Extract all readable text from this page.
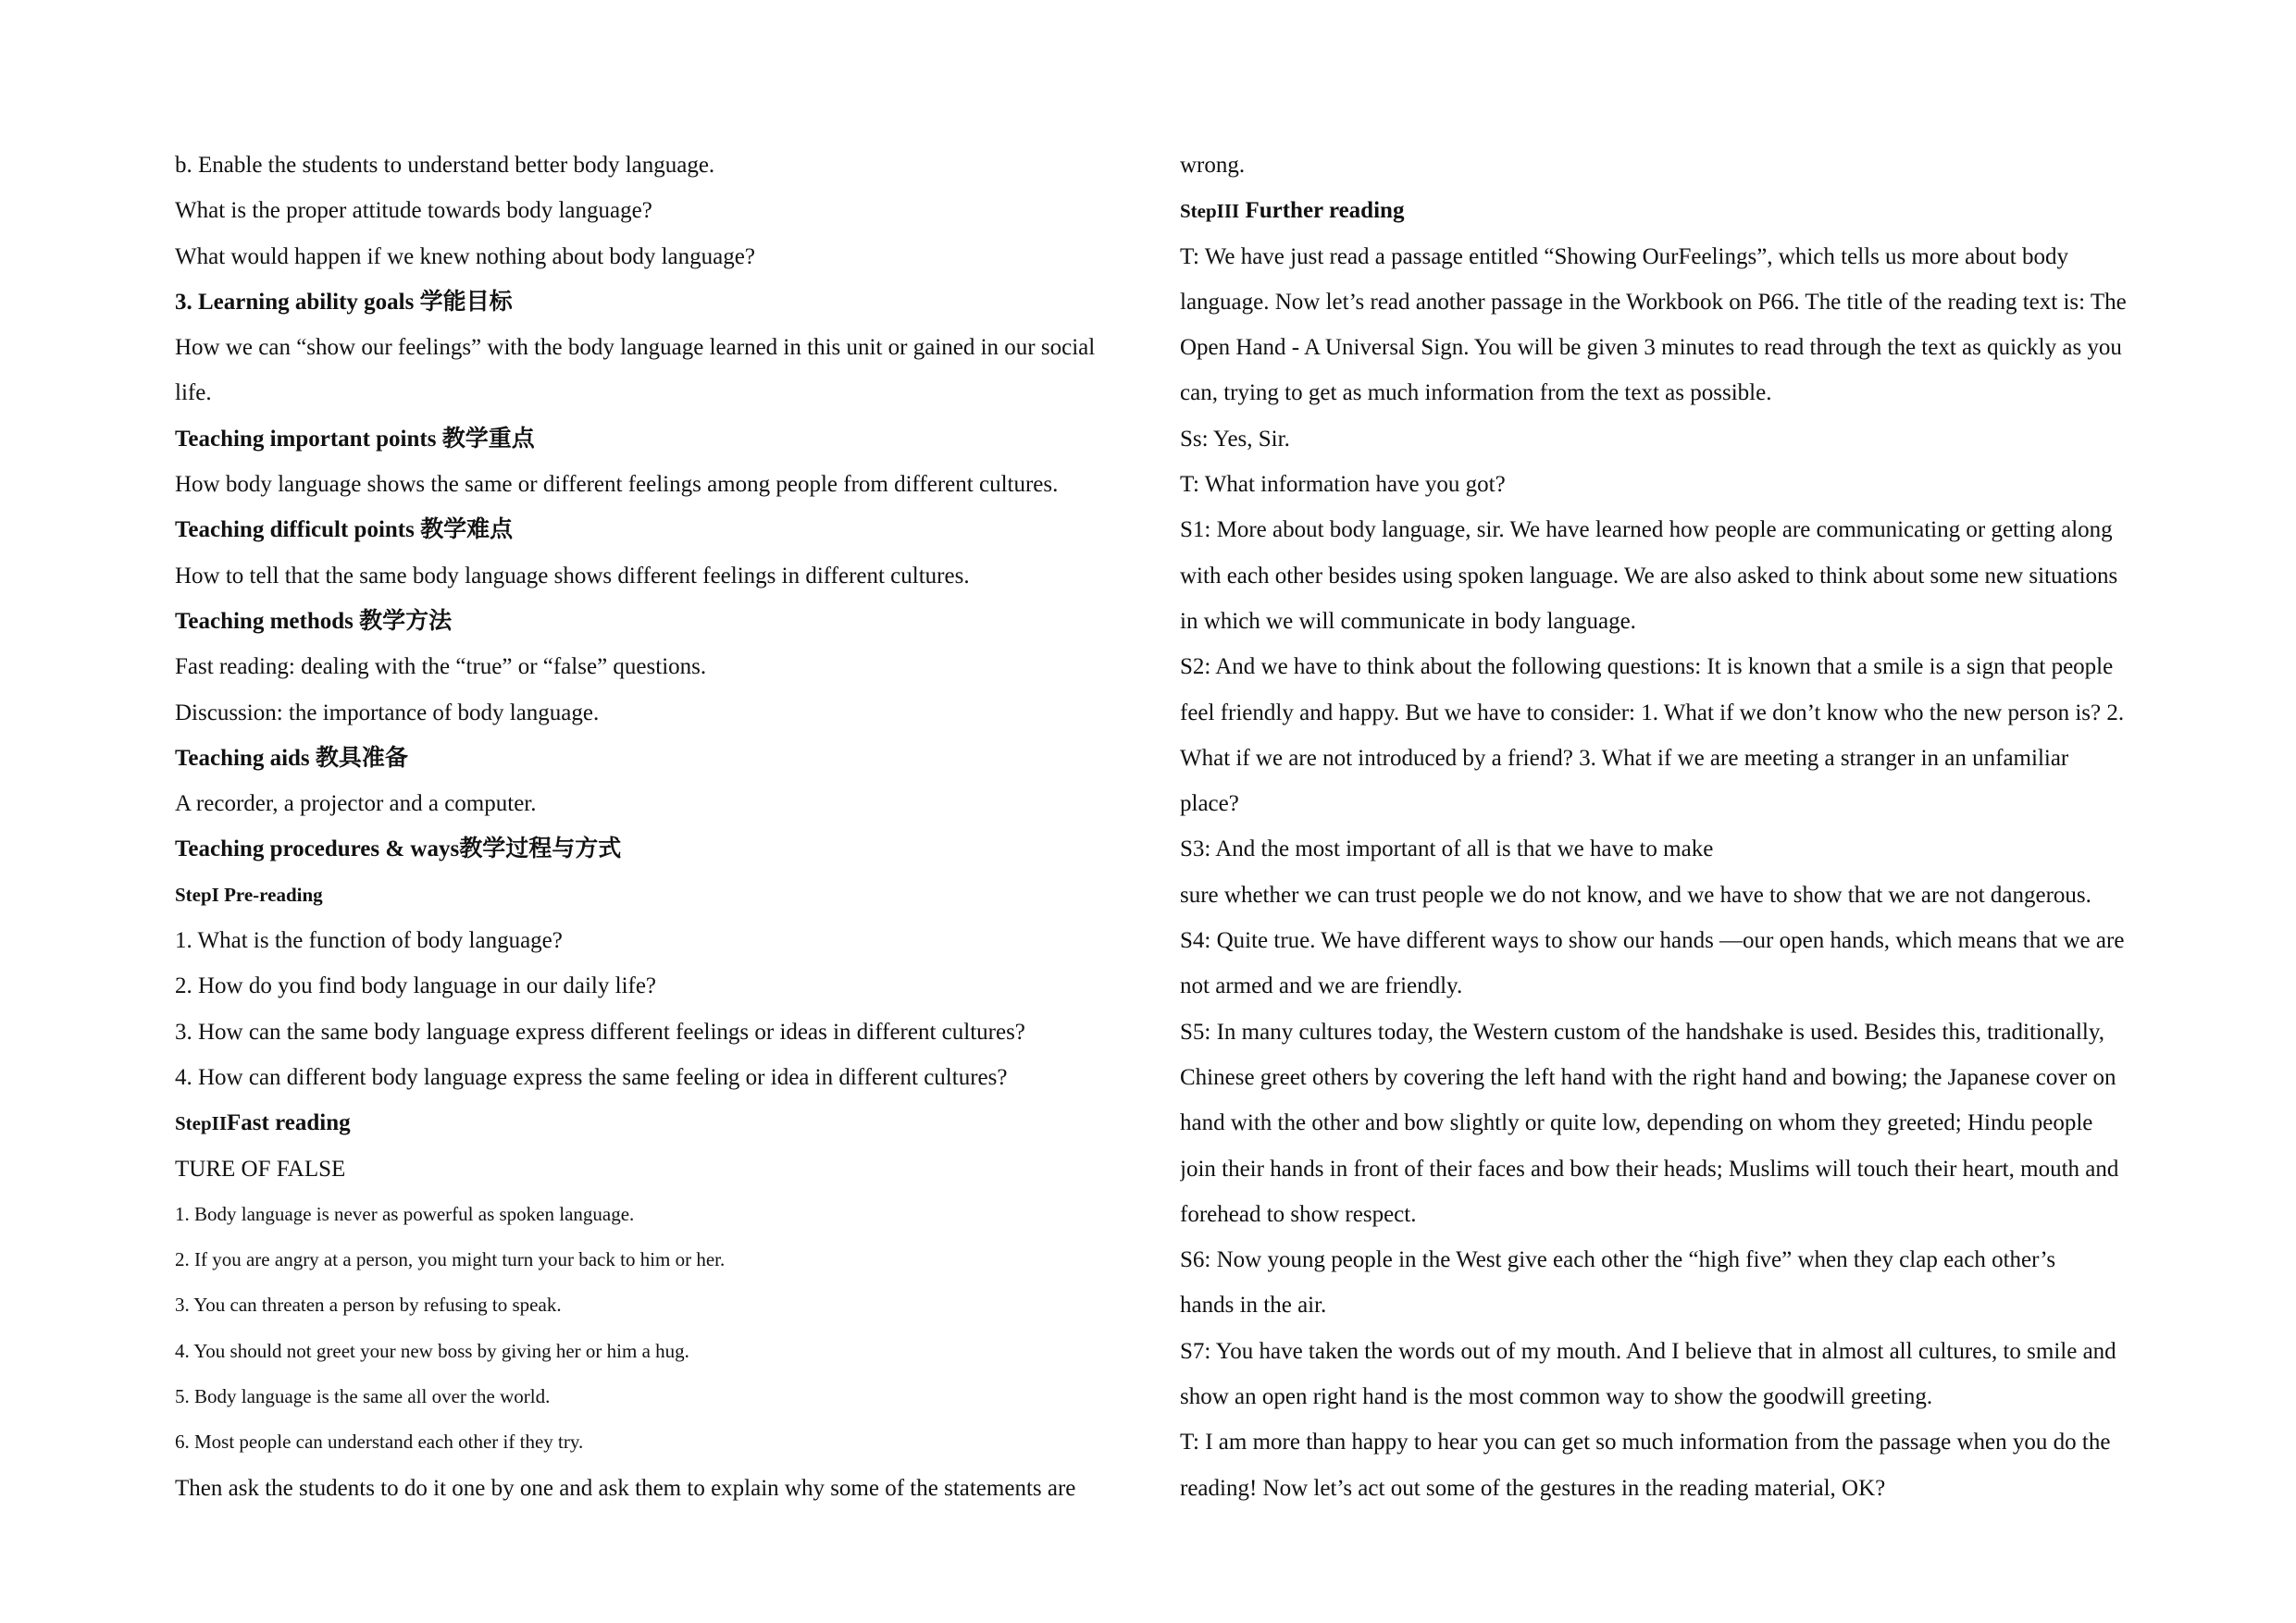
b. Enable the students to understand better body language.
What is the proper attitude towards body language?
What would happen if we knew nothing about body language?
3. Learning ability goals 学能目标
How we can “show our feelings” with the body language learned in this unit or gained in our social
life.
Teaching important points 教学重点
How body language shows the same or different feelings among people from different cultures.
Teaching difficult points 教学难点
How to tell that the same body language shows different feelings in different cultures.
Teaching methods 教学方法
Fast reading: dealing with the “true” or “false” questions.
Discussion: the importance of body language.
Teaching aids 教具准备
A recorder, a projector and a computer.
Teaching procedures & ways教学过程与方式
StepI Pre-reading
1. What is the function of body language?
2. How do you find body language in our daily life?
3. How can the same body language express different feelings or ideas in different cultures?
4. How can different body language express the same feeling or idea in different cultures?
StepIIFast reading
TURE OF FALSE
1. Body language is never as powerful as spoken language.
2. If you are angry at a person, you might turn your back to him or her.
3. You can threaten a person by refusing to speak.
4. You should not greet your new boss by giving her or him a hug.
5. Body language is the same all over the world.
6. Most people can understand each other if they try.
Then ask the students to do it one by one and ask them to explain why some of the statements are
wrong.
StepIII Further reading
T: We have just read a passage entitled “Showing OurFeelings”, which tells us more about body
language. Now let’s read another passage in the Workbook on P66. The title of the reading text is: The
Open Hand - A Universal Sign. You will be given 3 minutes to read through the text as quickly as you
can, trying to get as much information from the text as possible.
Ss: Yes, Sir.
T: What information have you got?
S1: More about body language, sir. We have learned how people are communicating or getting along
with each other besides using spoken language. We are also asked to think about some new situations
in which we will communicate in body language.
S2: And we have to think about the following questions: It is known that a smile is a sign that people
feel friendly and happy. But we have to consider: 1. What if we don’t know who the new person is? 2.
What if we are not introduced by a friend? 3. What if we are meeting a stranger in an unfamiliar
place?
S3: And the most important of all is that we have to make
sure whether we can trust people we do not know, and we have to show that we are not dangerous.
S4: Quite true. We have different ways to show our hands —our open hands, which means that we are
not armed and we are friendly.
S5: In many cultures today, the Western custom of the handshake is used. Besides this, traditionally,
Chinese greet others by covering the left hand with the right hand and bowing; the Japanese cover on
hand with the other and bow slightly or quite low, depending on whom they greeted; Hindu people
join their hands in front of their faces and bow their heads; Muslims will touch their heart, mouth and
forehead to show respect.
S6: Now young people in the West give each other the “high five” when they clap each other’s
hands in the air.
S7: You have taken the words out of my mouth. And I believe that in almost all cultures, to smile and
show an open right hand is the most common way to show the goodwill greeting.
T: I am more than happy to hear you can get so much information from the passage when you do the
reading! Now let’s act out some of the gestures in the reading material, OK?
